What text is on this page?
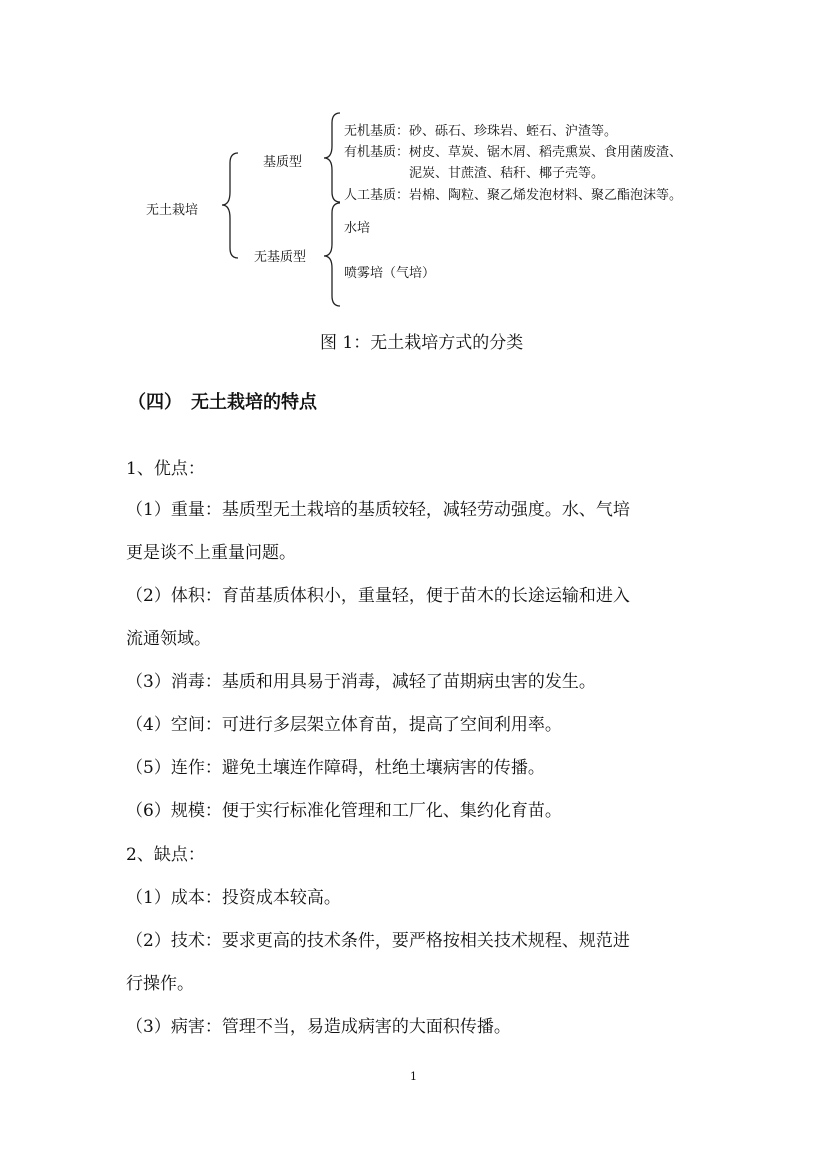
无土栽培
基质型
无基质型
无机基质：砂、砾石、珍珠岩、蛭石、沪渣等。
有机基质：树皮、草炭、锯木屑、稻壳熏炭、食用菌废渣、
泥炭、甘蔗渣、秸秆、椰子壳等。
人工基质：岩棉、陶粒、聚乙烯发泡材料、聚乙酯泡沫等。
水培
喷雾培（气培）
图 1：无土栽培方式的分类
（四）　无土栽培的特点
1、优点：
（1）重量：基质型无土栽培的基质较轻，减轻劳动强度。水、气培
更是谈不上重量问题。
（2）体积：育苗基质体积小，重量轻，便于苗木的长途运输和进入
流通领域。
（3）消毒：基质和用具易于消毒，减轻了苗期病虫害的发生。
（4）空间：可进行多层架立体育苗，提高了空间利用率。
（5）连作：避免土壤连作障碍，杜绝土壤病害的传播。
（6）规模：便于实行标准化管理和工厂化、集约化育苗。
2、缺点：
（1）成本：投资成本较高。
（2）技术：要求更高的技术条件，要严格按相关技术规程、规范进
行操作。
（3）病害：管理不当，易造成病害的大面积传播。
1
